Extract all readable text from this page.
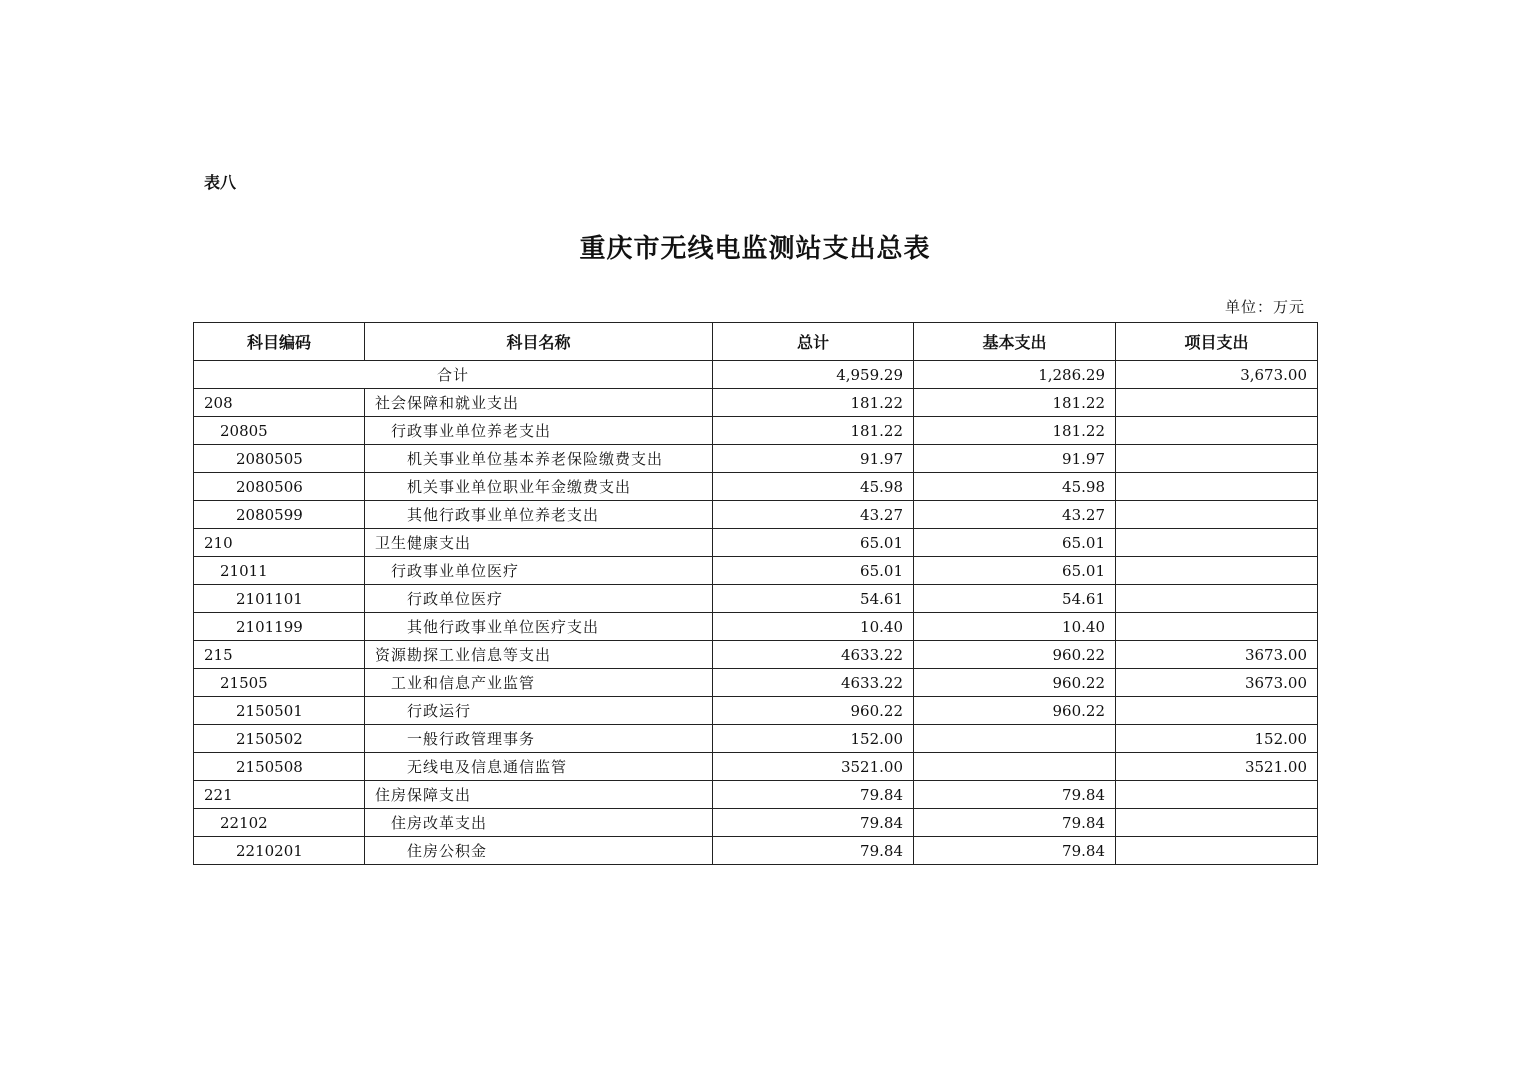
表八
重庆市无线电监测站支出总表
单位：万元
科目编码	科目名称	总计	基本支出	项目支出
合计		4,959.29	1,286.29	3,673.00
208	社会保障和就业支出	181.22	181.22	
20805	行政事业单位养老支出	181.22	181.22	
2080505	机关事业单位基本养老保险缴费支出	91.97	91.97	
2080506	机关事业单位职业年金缴费支出	45.98	45.98	
2080599	其他行政事业单位养老支出	43.27	43.27	
210	卫生健康支出	65.01	65.01	
21011	行政事业单位医疗	65.01	65.01	
2101101	行政单位医疗	54.61	54.61	
2101199	其他行政事业单位医疗支出	10.40	10.40	
215	资源勘探工业信息等支出	4633.22	960.22	3673.00
21505	工业和信息产业监管	4633.22	960.22	3673.00
2150501	行政运行	960.22	960.22	
2150502	一般行政管理事务	152.00		152.00
2150508	无线电及信息通信监管	3521.00		3521.00
221	住房保障支出	79.84	79.84	
22102	住房改革支出	79.84	79.84	
2210201	住房公积金	79.84	79.84	
